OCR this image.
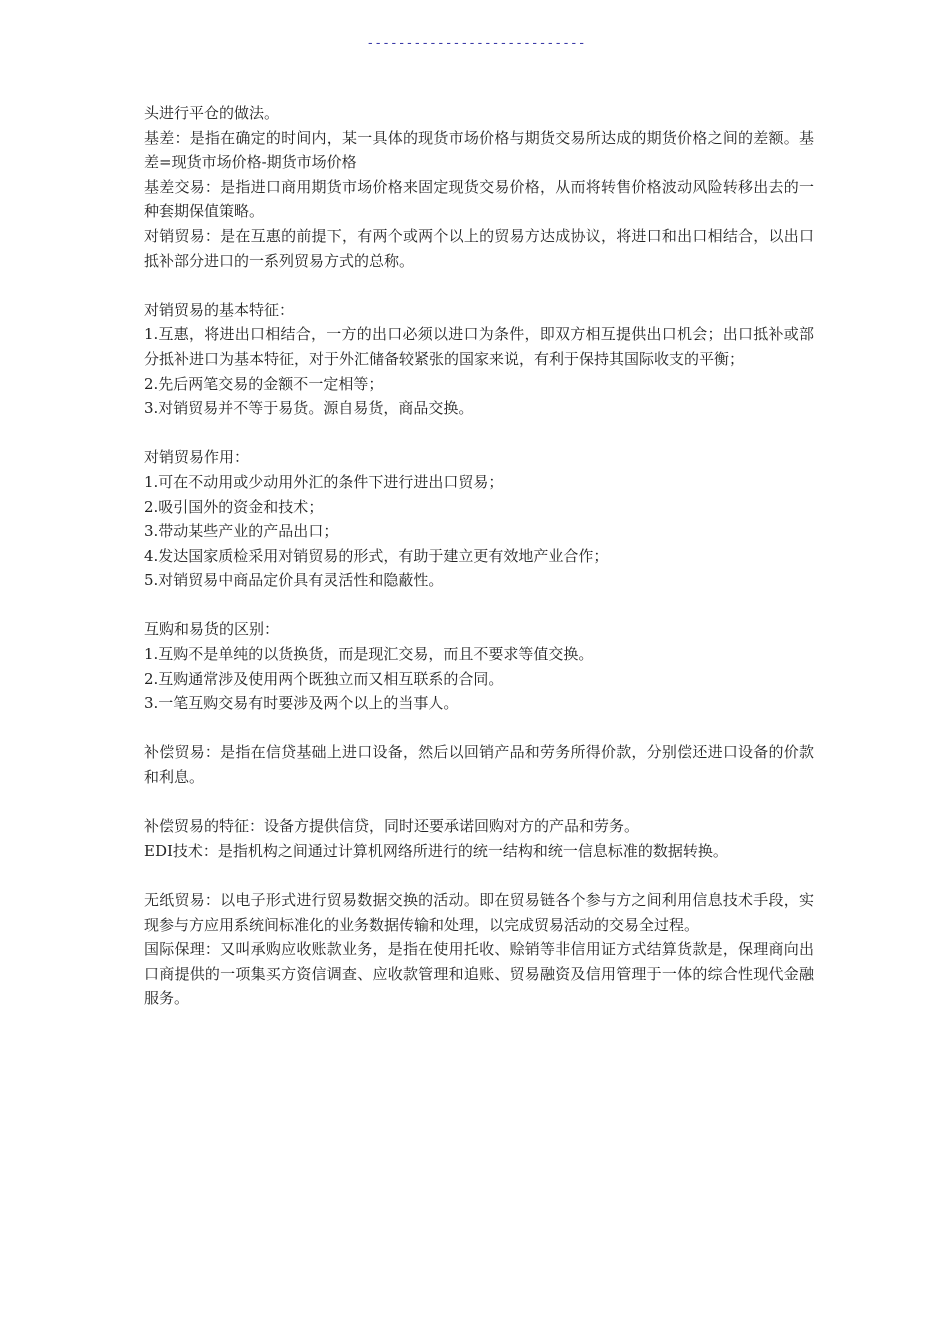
----------------------------

头进行平仓的做法。

基差：是指在确定的时间内，某一具体的现货市场价格与期货交易所达成的期货价格之间的差额。基差=现货市场价格-期货市场价格

基差交易：是指进口商用期货市场价格来固定现货交易价格，从而将转售价格波动风险转移出去的一种套期保值策略。

对销贸易：是在互惠的前提下，有两个或两个以上的贸易方达成协议，将进口和出口相结合，以出口抵补部分进口的一系列贸易方式的总称。

对销贸易的基本特征：

1.互惠，将进出口相结合，一方的出口必须以进口为条件，即双方相互提供出口机会；出口抵补或部分抵补进口为基本特征，对于外汇储备较紧张的国家来说，有利于保持其国际收支的平衡；

2.先后两笔交易的金额不一定相等；

3.对销贸易并不等于易货。源自易货，商品交换。

对销贸易作用：

1.可在不动用或少动用外汇的条件下进行进出口贸易；

2.吸引国外的资金和技术；

3.带动某些产业的产品出口；

4.发达国家质检采用对销贸易的形式，有助于建立更有效地产业合作；

5.对销贸易中商品定价具有灵活性和隐蔽性。

互购和易货的区别：

1.互购不是单纯的以货换货，而是现汇交易，而且不要求等值交换。

2.互购通常涉及使用两个既独立而又相互联系的合同。

3.一笔互购交易有时要涉及两个以上的当事人。

补偿贸易：是指在信贷基础上进口设备，然后以回销产品和劳务所得价款，分别偿还进口设备的价款和利息。

补偿贸易的特征：设备方提供信贷，同时还要承诺回购对方的产品和劳务。

EDI技术：是指机构之间通过计算机网络所进行的统一结构和统一信息标准的数据转换。

无纸贸易：以电子形式进行贸易数据交换的活动。即在贸易链各个参与方之间利用信息技术手段，实现参与方应用系统间标准化的业务数据传输和处理，以完成贸易活动的交易全过程。

国际保理：又叫承购应收账款业务，是指在使用托收、赊销等非信用证方式结算货款是，保理商向出口商提供的一项集买方资信调查、应收款管理和追账、贸易融资及信用管理于一体的综合性现代金融服务。
